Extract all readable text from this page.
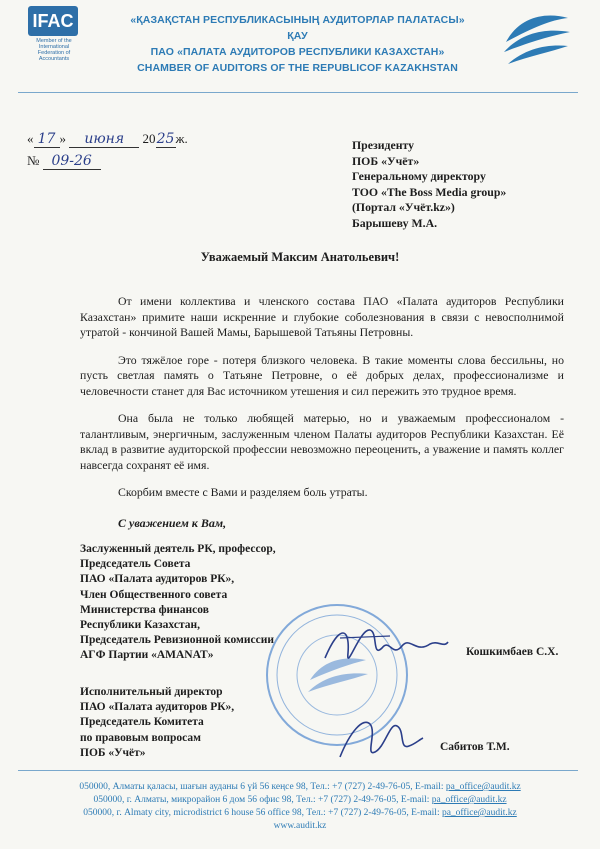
IFAC
Member of the International Federation of Accountants
«ҚАЗАҚСТАН РЕСПУБЛИКАСЫНЫҢ АУДИТОРЛАР ПАЛАТАСЫ» ҚАУ
ПАО «ПАЛАТА АУДИТОРОВ РЕСПУБЛИКИ КАЗАХСТАН»
CHAMBER OF AUDITORS OF THE REPUBLICOF KAZAKHSTAN
« 17 » июня 2025ж.
№ 09-26
Президенту
ПОБ «Учёт»
Генеральному директору
ТОО «The Boss Media group»
(Портал «Учёт.kz»)
Барышеву М.А.
Уважаемый Максим Анатольевич!

От имени коллектива и членского состава ПАО «Палата аудиторов Республики Казахстан» примите наши искренние и глубокие соболезнования в связи с невосполнимой утратой - кончиной Вашей Мамы, Барышевой Татьяны Петровны.

Это тяжёлое горе - потеря близкого человека. В такие моменты слова бессильны, но пусть светлая память о Татьяне Петровне, о её добрых делах, профессионализме и человечности станет для Вас источником утешения и сил пережить это трудное время.

Она была не только любящей матерью, но и уважаемым профессионалом - талантливым, энергичным, заслуженным членом Палаты аудиторов Республики Казахстан. Её вклад в развитие аудиторской профессии невозможно переоценить, а уважение и память коллег навсегда сохранят её имя.

Скорбим вместе с Вами и разделяем боль утраты.

С уважением к Вам,
Заслуженный деятель РК, профессор,
Председатель Совета
ПАО «Палата аудиторов РК»,
Член Общественного совета
Министерства финансов
Республики Казахстан,
Председатель Ревизионной комиссии
АГФ Партии «AMANAT»	Кошкимбаев С.Х.
Исполнительный директор
ПАО «Палата аудиторов РК»,
Председатель Комитета
по правовым вопросам
ПОБ «Учёт»	Сабитов Т.М.
050000, Алматы қаласы, шағын ауданы 6 үй 56 кеңсе 98, Тел.: +7 (727) 2-49-76-05, E-mail: pa_office@audit.kz
050000, г. Алматы, микрорайон 6 дом 56 офис 98, Тел.: +7 (727) 2-49-76-05, E-mail: pa_office@audit.kz
050000, г. Almaty city, microdistrict 6 house 56 office 98, Тел.: +7 (727) 2-49-76-05, E-mail: pa_office@audit.kz
www.audit.kz
